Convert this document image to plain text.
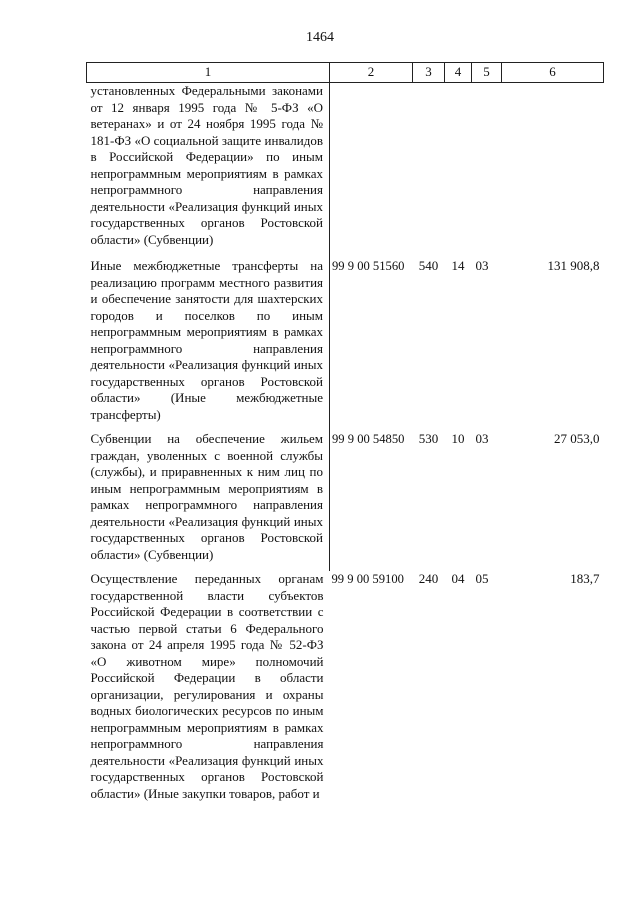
1464
1	2	3	4	5	6
установленных Федеральными законами от 12 января 1995 года № 5-ФЗ «О ветеранах» и от 24 ноября 1995 года № 181-ФЗ «О социальной защите инвалидов в Российской Федерации» по иным непрограммным мероприятиям в рамках непрограммного направления деятельности «Реализация функций иных государственных органов Ростовской области» (Субвенции)					
Иные межбюджетные трансферты на реализацию программ местного развития и обеспечение занятости для шахтерских городов и поселков по иным непрограммным мероприятиям в рамках непрограммного направления деятельности «Реализация функций иных государственных органов Ростовской области» (Иные межбюджетные трансферты)	99 9 00 51560	540	14	03	131 908,8
Субвенции на обеспечение жильем граждан, уволенных с военной службы (службы), и приравненных к ним лиц по иным непрограммным мероприятиям в рамках непрограммного направления деятельности «Реализация функций иных государственных органов Ростовской области» (Субвенции)	99 9 00 54850	530	10	03	27 053,0
Осуществление переданных органам государственной власти субъектов Российской Федерации в соответствии с частью первой статьи 6 Федерального закона от 24 апреля 1995 года № 52-ФЗ «О животном мире» полномочий Российской Федерации в области организации, регулирования и охраны водных биологических ресурсов по иным непрограммным мероприятиям в рамках непрограммного направления деятельности «Реализация функций иных государственных органов Ростовской области» (Иные закупки товаров, работ и	99 9 00 59100	240	04	05	183,7
